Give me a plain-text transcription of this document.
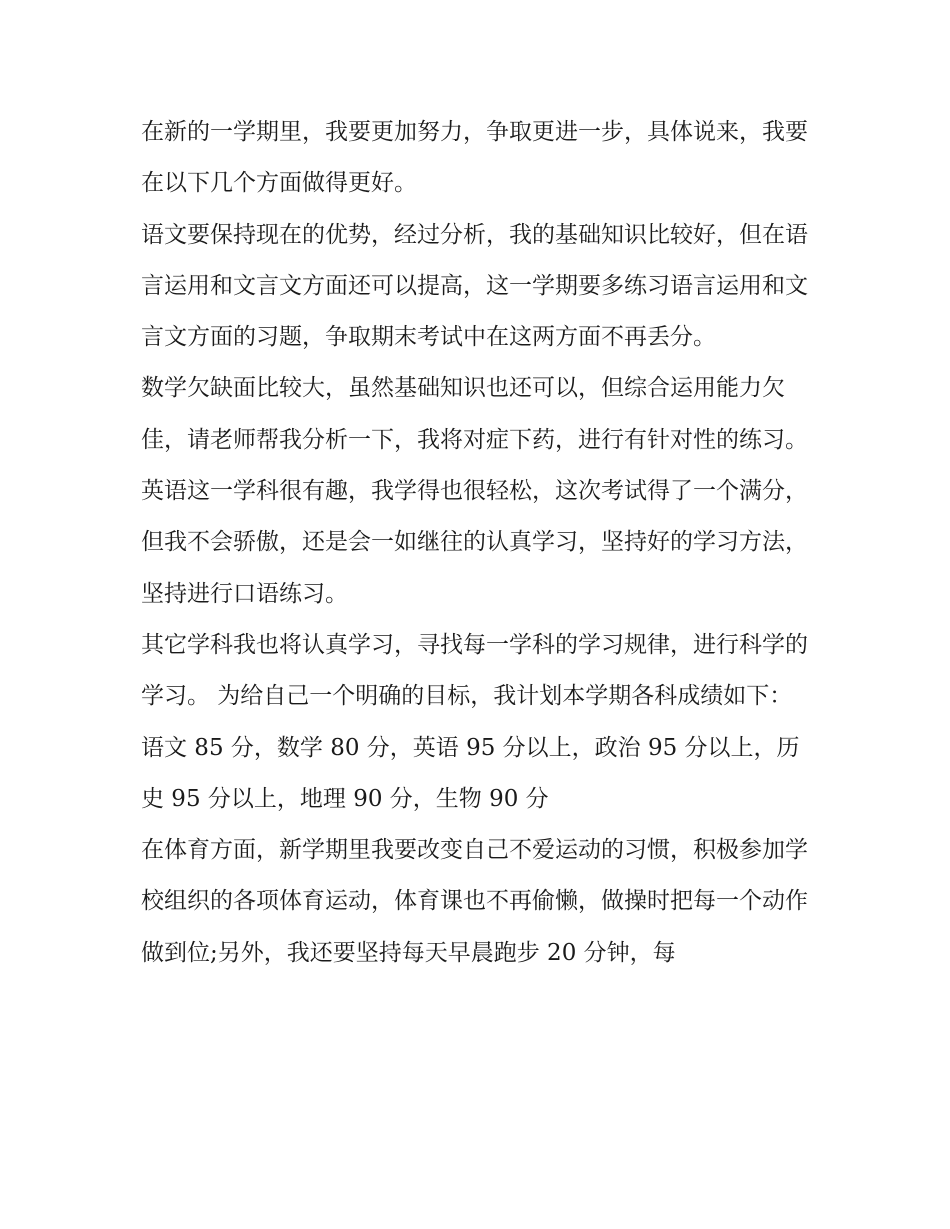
在新的一学期里，我要更加努力，争取更进一步，具体说来，我要在以下几个方面做得更好。

语文要保持现在的优势，经过分析，我的基础知识比较好，但在语言运用和文言文方面还可以提高，这一学期要多练习语言运用和文言文方面的习题，争取期末考试中在这两方面不再丢分。

数学欠缺面比较大，虽然基础知识也还可以，但综合运用能力欠佳，请老师帮我分析一下，我将对症下药，进行有针对性的练习。

英语这一学科很有趣，我学得也很轻松，这次考试得了一个满分，但我不会骄傲，还是会一如继往的认真学习，坚持好的学习方法，坚持进行口语练习。

其它学科我也将认真学习，寻找每一学科的学习规律，进行科学的学习。 为给自己一个明确的目标，我计划本学期各科成绩如下：

语文 85 分，数学 80 分，英语 95 分以上，政治 95 分以上，历史 95 分以上，地理 90 分，生物 90 分

在体育方面，新学期里我要改变自己不爱运动的习惯，积极参加学校组织的各项体育运动，体育课也不再偷懒，做操时把每一个动作做到位;另外，我还要坚持每天早晨跑步 20 分钟，每
